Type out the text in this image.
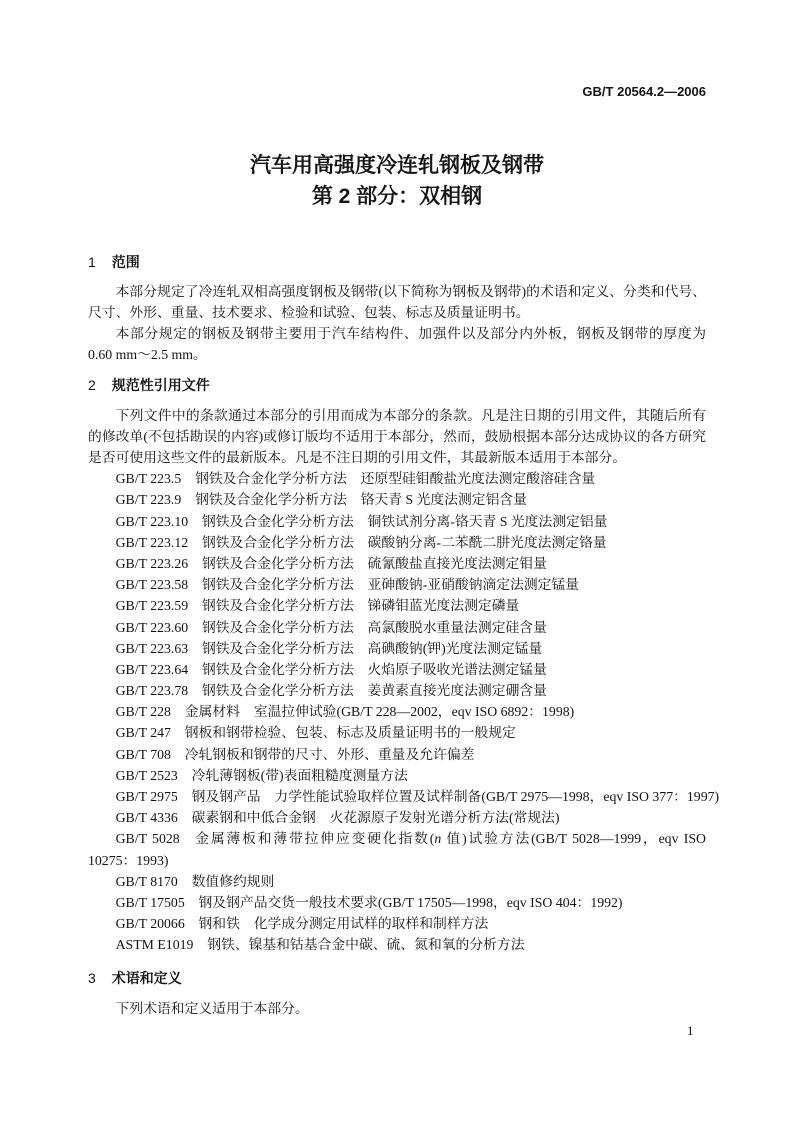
GB/T 20564.2—2006
汽车用高强度冷连轧钢板及钢带
第 2 部分：双相钢
1 范围
本部分规定了冷连轧双相高强度钢板及钢带(以下简称为钢板及钢带)的术语和定义、分类和代号、
尺寸、外形、重量、技术要求、检验和试验、包装、标志及质量证明书。
本部分规定的钢板及钢带主要用于汽车结构件、加强件以及部分内外板，钢板及钢带的厚度为
0.60 mm～2.5 mm。
2 规范性引用文件
下列文件中的条款通过本部分的引用而成为本部分的条款。凡是注日期的引用文件，其随后所有
的修改单(不包括勘误的内容)或修订版均不适用于本部分，然而，鼓励根据本部分达成协议的各方研究
是否可使用这些文件的最新版本。凡是不注日期的引用文件，其最新版本适用于本部分。
GB/T 223.5 钢铁及合金化学分析方法　还原型硅钼酸盐光度法测定酸溶硅含量
GB/T 223.9 钢铁及合金化学分析方法　铬天青 S 光度法测定铝含量
GB/T 223.10 钢铁及合金化学分析方法　铜铁试剂分离-铬天青 S 光度法测定铝量
GB/T 223.12 钢铁及合金化学分析方法　碳酸钠分离-二苯酰二肼光度法测定铬量
GB/T 223.26 钢铁及合金化学分析方法　硫氰酸盐直接光度法测定钼量
GB/T 223.58 钢铁及合金化学分析方法　亚砷酸钠-亚硝酸钠滴定法测定锰量
GB/T 223.59 钢铁及合金化学分析方法　锑磷钼蓝光度法测定磷量
GB/T 223.60 钢铁及合金化学分析方法　高氯酸脱水重量法测定硅含量
GB/T 223.63 钢铁及合金化学分析方法　高碘酸钠(钾)光度法测定锰量
GB/T 223.64 钢铁及合金化学分析方法　火焰原子吸收光谱法测定锰量
GB/T 223.78 钢铁及合金化学分析方法　姜黄素直接光度法测定硼含量
GB/T 228 金属材料　室温拉伸试验(GB/T 228—2002，eqv ISO 6892：1998)
GB/T 247 钢板和钢带检验、包装、标志及质量证明书的一般规定
GB/T 708 冷轧钢板和钢带的尺寸、外形、重量及允许偏差
GB/T 2523 冷轧薄钢板(带)表面粗糙度测量方法
GB/T 2975 钢及钢产品　力学性能试验取样位置及试样制备(GB/T 2975—1998，eqv ISO 377：1997)
GB/T 4336 碳素钢和中低合金钢　火花源原子发射光谱分析方法(常规法)
GB/T 5028 金属薄板和薄带拉伸应变硬化指数(n 值)试验方法(GB/T 5028—1999，eqv ISO
10275：1993)
GB/T 8170 数值修约规则
GB/T 17505 钢及钢产品交货一般技术要求(GB/T 17505—1998，eqv ISO 404：1992)
GB/T 20066 钢和铁　化学成分测定用试样的取样和制样方法
ASTM E1019 钢铁、镍基和钴基合金中碳、硫、氮和氧的分析方法
3 术语和定义
下列术语和定义适用于本部分。
1
